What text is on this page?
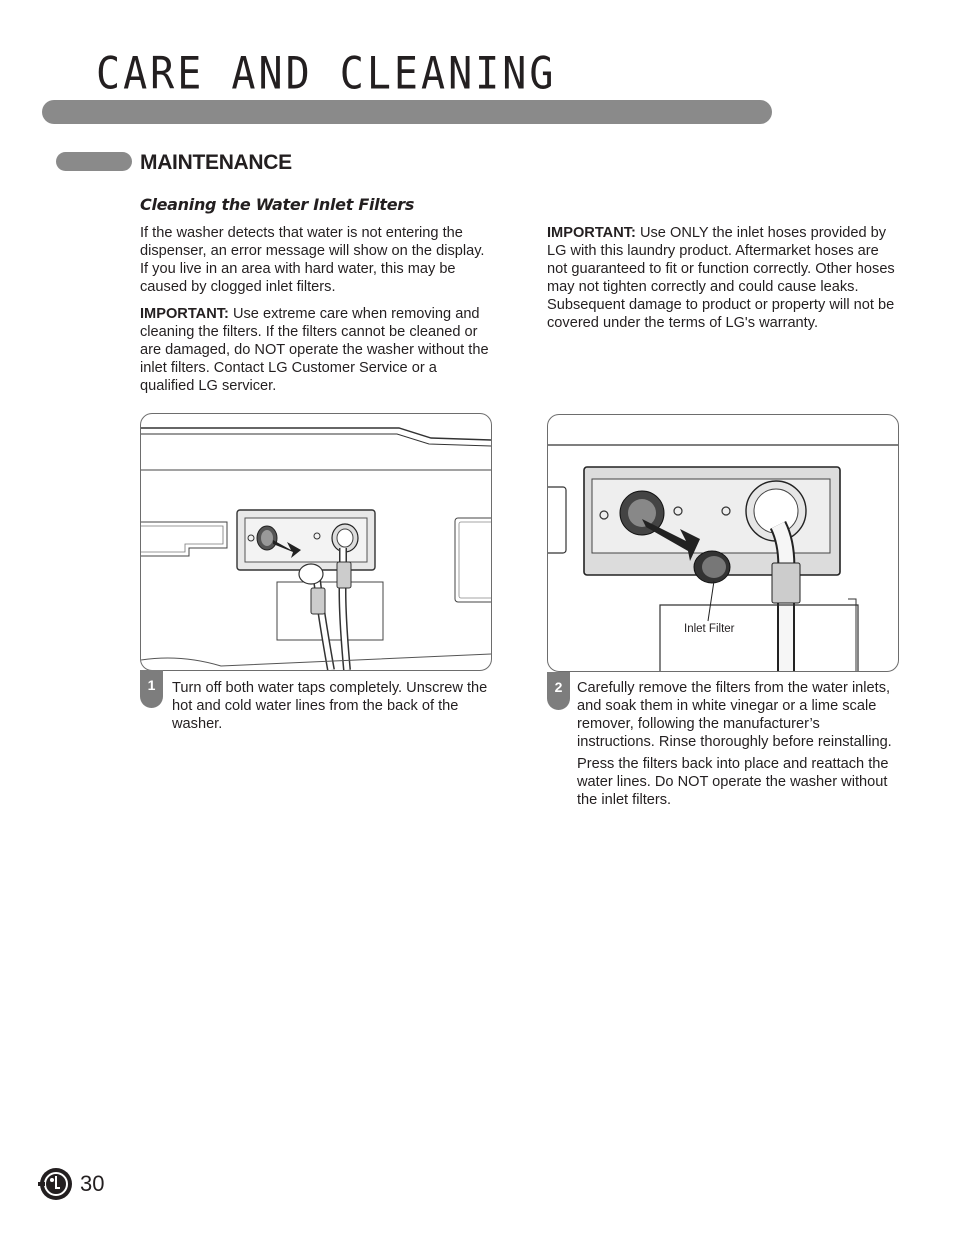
CARE AND CLEANING
MAINTENANCE
Cleaning the Water Inlet Filters

If the washer detects that water is not entering the dispenser, an error message will show on the display. If you live in an area with hard water, this may be caused by clogged inlet filters.

IMPORTANT: Use extreme care when removing and cleaning the filters. If the filters cannot be cleaned or are damaged, do NOT operate the washer without the inlet filters. Contact LG Customer Service or a qualified LG servicer.

IMPORTANT: Use ONLY the inlet hoses provided by LG with this laundry product. Aftermarket hoses are not guaranteed to fit or function correctly. Other hoses may not tighten correctly and could cause leaks. Subsequent damage to product or property will not be covered under the terms of LG's warranty.

1	Turn off both water taps completely. Unscrew the hot and cold water lines from the back of the washer.

Inlet Filter
2	Carefully remove the filters from the water inlets, and soak them in white vinegar or a lime scale remover, following the manufacturer’s instructions. Rinse thoroughly before reinstalling.

Press the filters back into place and reattach the water lines. Do NOT operate the washer without the inlet filters.

30
